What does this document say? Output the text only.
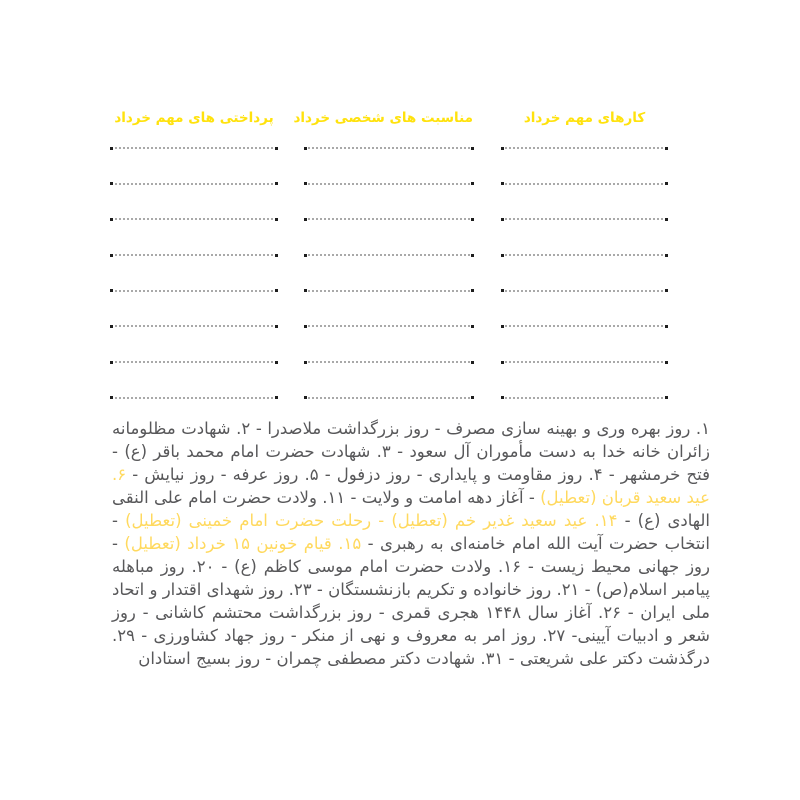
کارهای مهم خرداد
مناسبت های شخصی خرداد
پرداختی های مهم خرداد

۱. روز بهره وری و بهینه سازی مصرف - روز بزرگداشت ملاصدرا - ۲. شهادت مظلومانه زائران خانه خدا به دست مأموران آل سعود - ۳. شهادت حضرت امام محمد باقر (ع) - فتح خرمشهر - ۴. روز مقاومت و پایداری - روز دزفول - ۵. روز عرفه - روز نیایش - ۶. عید سعید قربان (تعطیل) - آغاز دهه امامت و ولایت - ۱۱. ولادت حضرت امام علی النقی الهادی (ع) - ۱۴. عید سعید غدیر خم (تعطیل) - رحلت حضرت امام خمینی (تعطیل) - انتخاب حضرت آیت الله امام خامنه‌ای به رهبری - ۱۵. قیام خونین ۱۵ خرداد (تعطیل) - روز جهانی محیط زیست - ۱۶. ولادت حضرت امام موسی کاظم (ع) - ۲۰. روز مباهله پیامبر اسلام(ص) - ۲۱. روز خانواده و تکریم بازنشستگان - ۲۳. روز شهدای اقتدار و اتحاد ملی ایران - ۲۶. آغاز سال ۱۴۴۸ هجری قمری - روز بزرگداشت محتشم کاشانی - روز شعر و ادبیات آیینی- ۲۷. روز امر به معروف و نهی از منکر - روز جهاد کشاورزی - ۲۹. درگذشت دکتر علی شریعتی - ۳۱. شهادت دکتر مصطفی چمران - روز بسیج استادان
